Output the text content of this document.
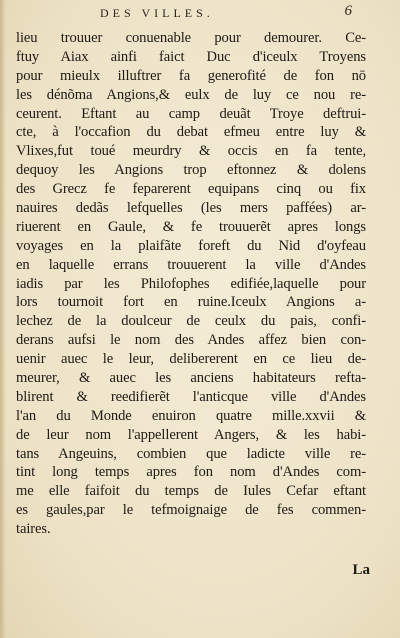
DES VILLES.	6
lieu trouuer conuenable pour demourer. Ce-
ftuy Aiax ainfi faict Duc d'iceulx Troyens
pour mieulx illuftrer fa generofité de fon nō
les dénõma Angions,& eulx de luy ce nou re-
ceurent. Eftant au camp deuãt Troye deftrui-
cte, à l'occafion du debat efmeu entre luy &
Vlixes,fut toué meurdry & occis en fa tente,
dequoy les Angions trop eftonnez & dolens
des Grecz fe feparerent equipans cinq ou fix
nauires dedãs lefquelles (les mers paffées) ar-
riuerent en Gaule, & fe trouuerẽt apres longs
voyages en la plaifãte foreft du Nid d'oyfeau
en laquelle errans trouuerent la ville d'Andes
iadis par les Philofophes edifiée,laquelle pour
lors tournoit fort en ruine.Iceulx Angions a-
lechez de la doulceur de ceulx du pais, confi-
derans aufsi le nom des Andes affez bien con-
uenir auec le leur, delibererent en ce lieu de-
meurer, & auec les anciens habitateurs refta-
blirent & reedifierẽt l'anticque ville d'Andes
l'an du Monde enuiron quatre mille.xxvii &
de leur nom l'appellerent Angers, & les habi-
tans Angeuins, combien que ladicte ville re-
tint long temps apres fon nom d'Andes com-
me elle faifoit du temps de Iules Cefar eftant
es gaules,par le tefmoignaige de fes commen-
taires.
La
